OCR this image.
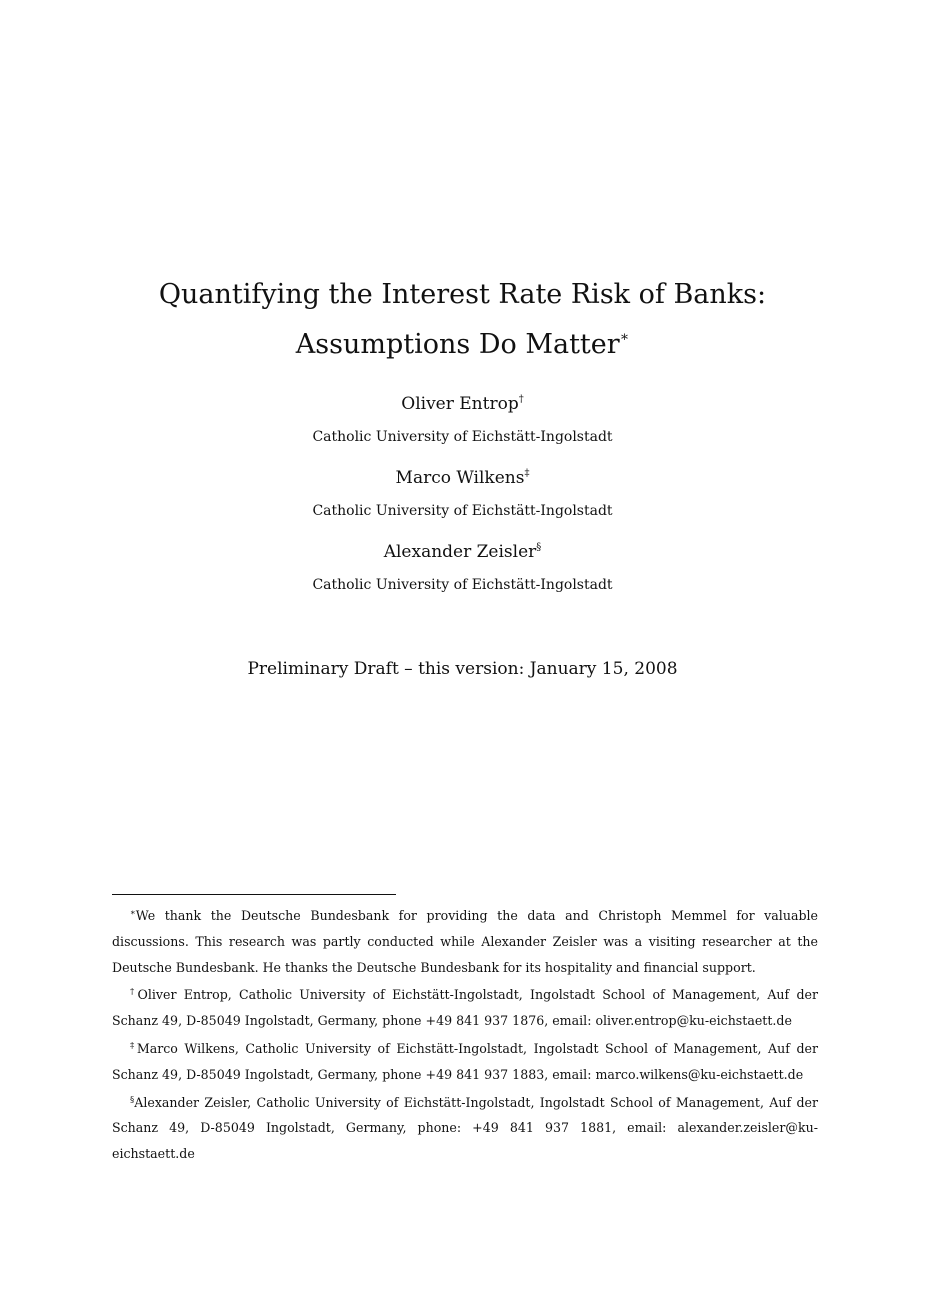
Quantifying the Interest Rate Risk of Banks:
Assumptions Do Matter∗
Oliver Entrop†
Catholic University of Eichstätt-Ingolstadt
Marco Wilkens‡
Catholic University of Eichstätt-Ingolstadt
Alexander Zeisler§
Catholic University of Eichstätt-Ingolstadt
Preliminary Draft – this version: January 15, 2008

∗We thank the Deutsche Bundesbank for providing the data and Christoph Memmel for valuable discussions. This research was partly conducted while Alexander Zeisler was a visiting researcher at the Deutsche Bundesbank. He thanks the Deutsche Bundesbank for its hospitality and financial support.

†Oliver Entrop, Catholic University of Eichstätt-Ingolstadt, Ingolstadt School of Management, Auf der Schanz 49, D-85049 Ingolstadt, Germany, phone +49 841 937 1876, email: oliver.entrop@ku-eichstaett.de

‡Marco Wilkens, Catholic University of Eichstätt-Ingolstadt, Ingolstadt School of Management, Auf der Schanz 49, D-85049 Ingolstadt, Germany, phone +49 841 937 1883, email: marco.wilkens@ku-eichstaett.de

§Alexander Zeisler, Catholic University of Eichstätt-Ingolstadt, Ingolstadt School of Management, Auf der Schanz 49, D-85049 Ingolstadt, Germany, phone: +49 841 937 1881, email: alexander.zeisler@ku-eichstaett.de
